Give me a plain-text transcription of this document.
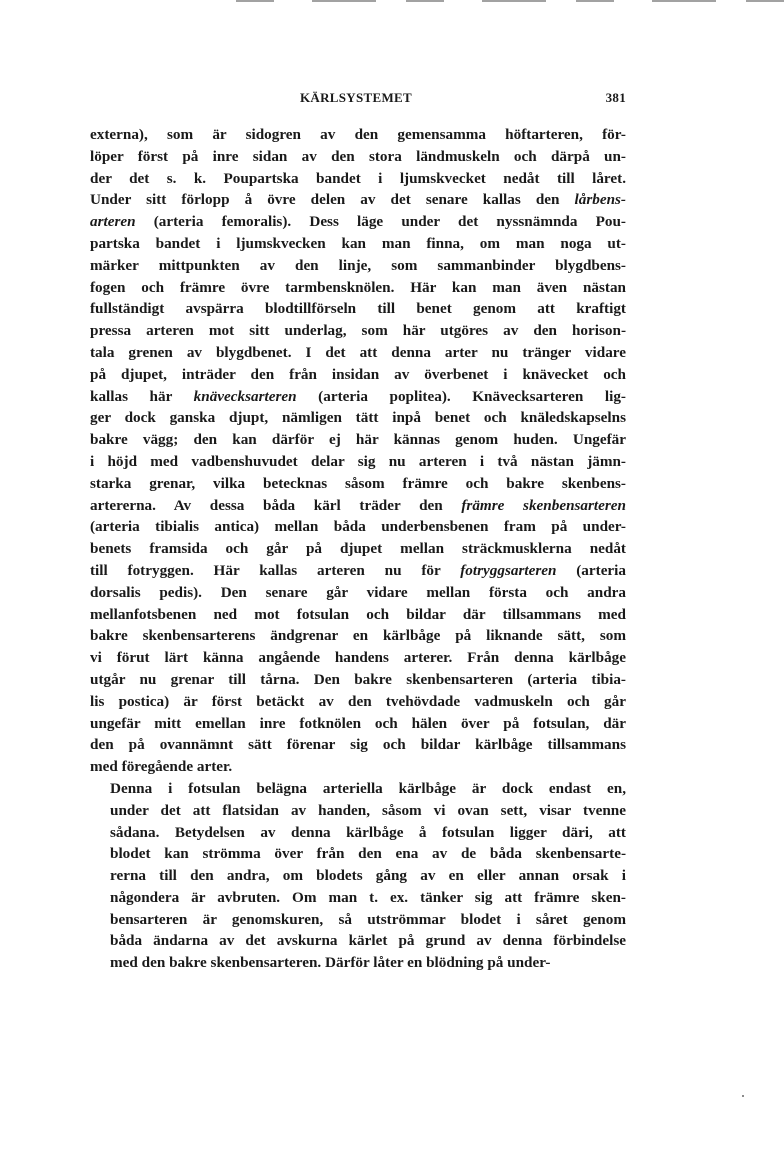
KÄRLSYSTEMET	381

externa), som är sidogren av den gemensamma höftarteren, för-
löper först på inre sidan av den stora ländmuskeln och därpå un-
der det s. k. Poupartska bandet i ljumskvecket nedåt till låret.
Under sitt förlopp å övre delen av det senare kallas den lårbens-
arteren (arteria femoralis). Dess läge under det nyssnämnda Pou-
partska bandet i ljumskvecken kan man finna, om man noga ut-
märker mittpunkten av den linje, som sammanbinder blygdbens-
fogen och främre övre tarmbensknölen. Här kan man även nästan
fullständigt avspärra blodtillförseln till benet genom att kraftigt
pressa arteren mot sitt underlag, som här utgöres av den horison-
tala grenen av blygdbenet. I det att denna arter nu tränger vidare
på djupet, inträder den från insidan av överbenet i knävecket och
kallas här knävecksarteren (arteria poplitea). Knävecksarteren lig-
ger dock ganska djupt, nämligen tätt inpå benet och knäledskapselns
bakre vägg; den kan därför ej här kännas genom huden. Ungefär
i höjd med vadbenshuvudet delar sig nu arteren i två nästan jämn-
starka grenar, vilka betecknas såsom främre och bakre skenbens-
artererna. Av dessa båda kärl träder den främre skenbensarteren
(arteria tibialis antica) mellan båda underbensbenen fram på under-
benets framsida och går på djupet mellan sträckmusklerna nedåt
till fotryggen. Här kallas arteren nu för fotryggsarteren (arteria
dorsalis pedis). Den senare går vidare mellan första och andra
mellanfotsbenen ned mot fotsulan och bildar där tillsammans med
bakre skenbensarterens ändgrenar en kärlbåge på liknande sätt, som
vi förut lärt känna angående handens arterer. Från denna kärlbåge
utgår nu grenar till tårna. Den bakre skenbensarteren (arteria tibia-
lis postica) är först betäckt av den tvehövdade vadmuskeln och går
ungefär mitt emellan inre fotknölen och hälen över på fotsulan, där
den på ovannämnt sätt förenar sig och bildar kärlbåge tillsammans
med föregående arter.

Denna i fotsulan belägna arteriella kärlbåge är dock endast en,
under det att flatsidan av handen, såsom vi ovan sett, visar tvenne
sådana. Betydelsen av denna kärlbåge å fotsulan ligger däri, att
blodet kan strömma över från den ena av de båda skenbensarte-
rerna till den andra, om blodets gång av en eller annan orsak i
någondera är avbruten. Om man t. ex. tänker sig att främre sken-
bensarteren är genomskuren, så utströmmar blodet i såret genom
båda ändarna av det avskurna kärlet på grund av denna förbindelse
med den bakre skenbensarteren. Därför låter en blödning på under-
